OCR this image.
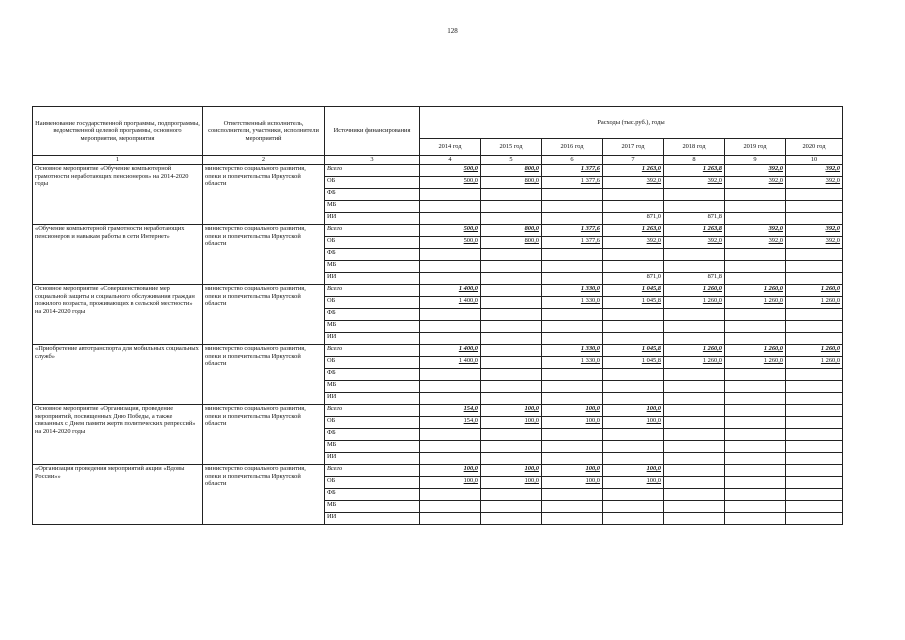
128
Наименование государственной программы, подпрограммы, ведомственной целевой программы, основного мероприятия, мероприятия	Ответственный исполнитель, соисполнители, участники, исполнители мероприятий	Источники финансирования	Расходы (тыс.руб.), годы						
			2014 год	2015 год	2016 год	2017 год	2018 год	2019 год	2020 год
1	2	3	4	5	6	7	8	9	10
Основное мероприятие «Обучение компьютерной грамотности неработающих пенсионеров» на 2014-2020 годы	министерство социального развития, опеки и попечительства Иркутской области	Всего	500,0	800,0	1 377,6	1 263,0	1 263,8	392,0	392,0
		ОБ	500,0	800,0	1 377,6	392,0	392,0	392,0	392,0
		ФБ							
		МБ							
		ИИ				871,0	871,8		
«Обучение компьютерной грамотности неработающих пенсионеров и навыкам работы в сети Интернет»	министерство социального развития, опеки и попечительства Иркутской области	Всего	500,0	800,0	1 377,6	1 263,0	1 263,8	392,0	392,0
		ОБ	500,0	800,0	1 377,6	392,0	392,0	392,0	392,0
		ФБ							
		МБ							
		ИИ				871,0	871,8		
Основное мероприятие «Совершенствование мер социальной защиты и социального обслуживания граждан пожилого возраста, проживающих в сельской местности» на 2014-2020 годы	министерство социального развития, опеки и попечительства Иркутской области	Всего	1 400,0		1 330,0	1 045,8	1 260,0	1 260,0	1 260,0
		ОБ	1 400,0		1 330,0	1 045,8	1 260,0	1 260,0	1 260,0
		ФБ							
		МБ							
		ИИ							
«Приобретение автотранспорта для мобильных социальных служб»	министерство социального развития, опеки и попечительства Иркутской области	Всего	1 400,0		1 330,0	1 045,8	1 260,0	1 260,0	1 260,0
		ОБ	1 400,0		1 330,0	1 045,8	1 260,0	1 260,0	1 260,0
		ФБ							
		МБ							
		ИИ							
Основное мероприятие «Организация, проведение мероприятий, посвященных Дню Победы, а также связанных с Днем памяти жертв политических репрессий» на 2014-2020 годы	министерство социального развития, опеки и попечительства Иркутской области	Всего	154,0	100,0	100,0	100,0			
		ОБ	154,0	100,0	100,0	100,0			
		ФБ							
		МБ							
		ИИ							
«Организация проведения мероприятий акции «Вдовы России»»	министерство социального развития, опеки и попечительства Иркутской области	Всего	100,0	100,0	100,0	100,0			
		ОБ	100,0	100,0	100,0	100,0			
		ФБ							
		МБ							
		ИИ							
